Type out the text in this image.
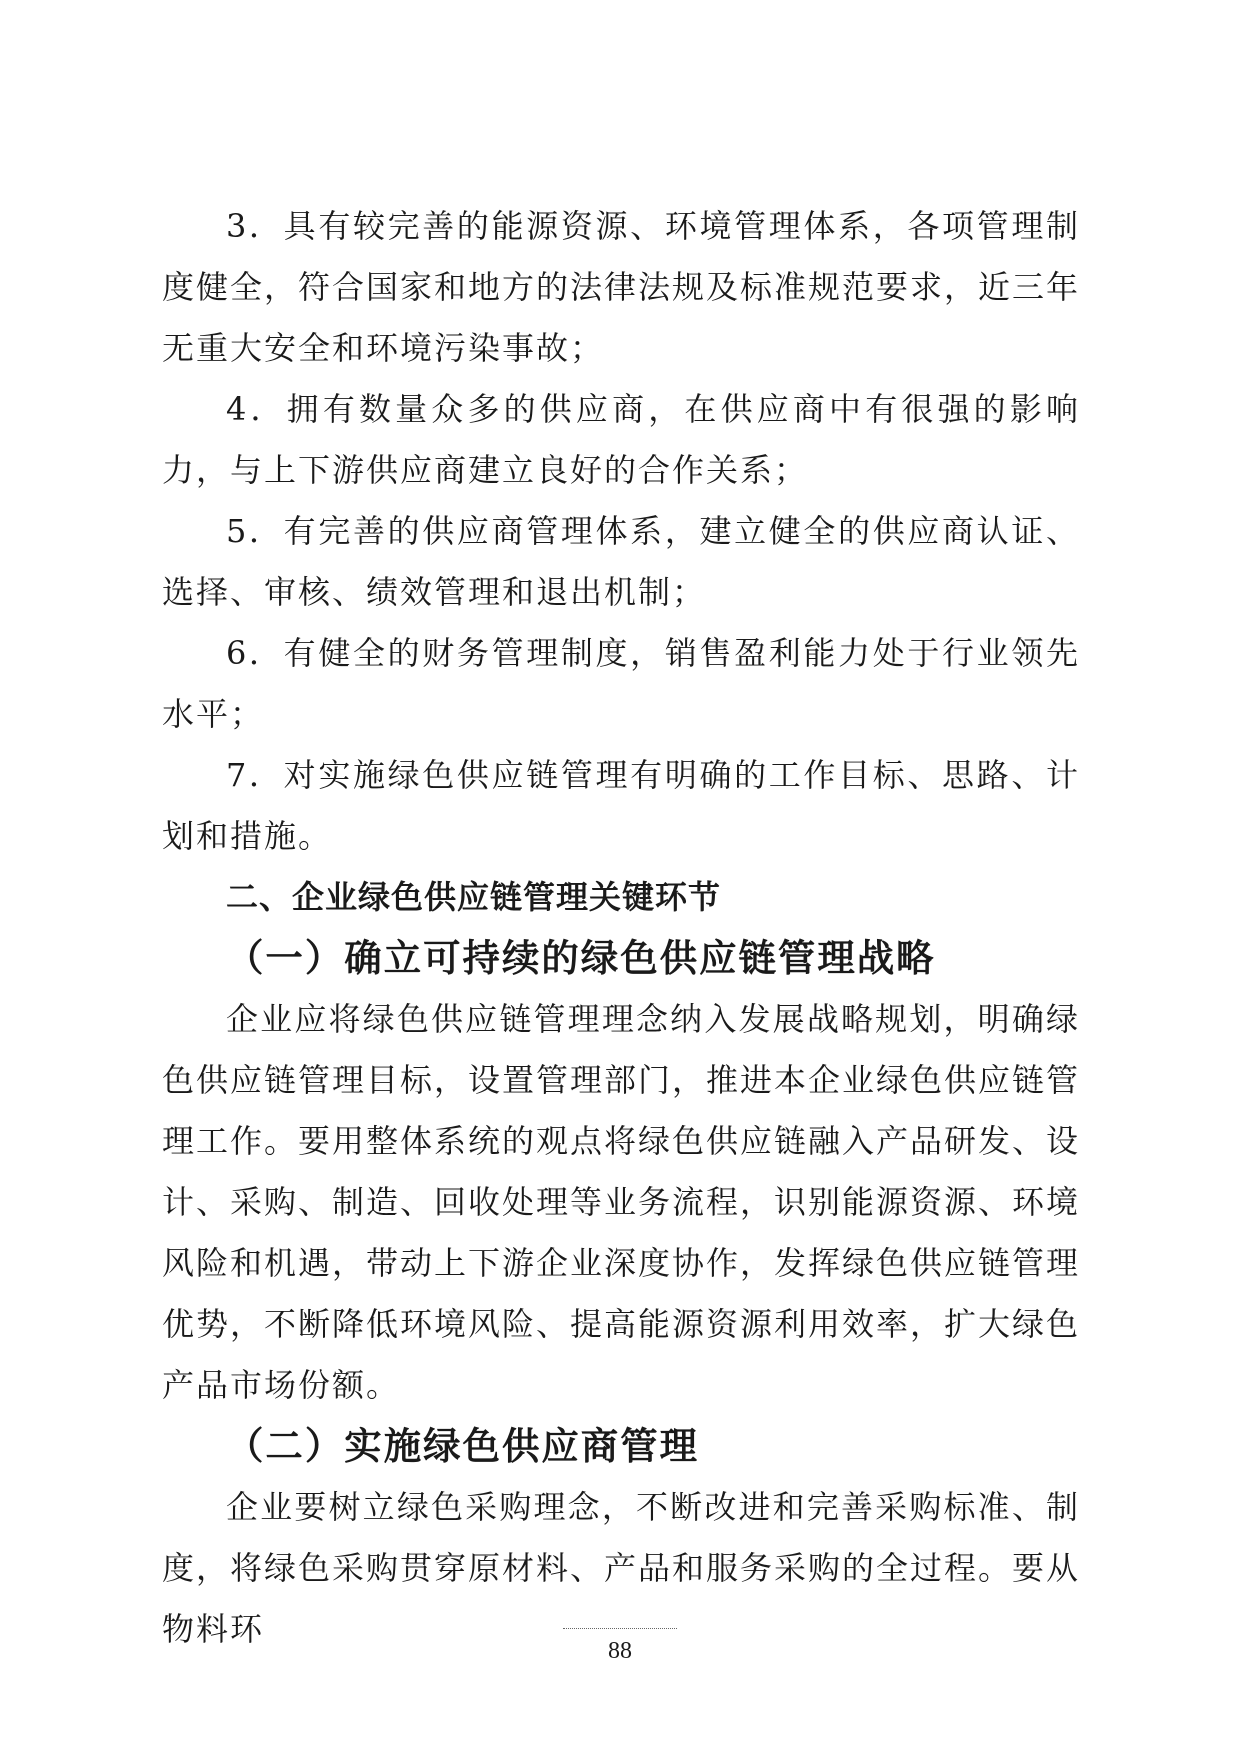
3．具有较完善的能源资源、环境管理体系，各项管理制度健全，符合国家和地方的法律法规及标准规范要求，近三年无重大安全和环境污染事故；

4．拥有数量众多的供应商，在供应商中有很强的影响力，与上下游供应商建立良好的合作关系；

5．有完善的供应商管理体系，建立健全的供应商认证、选择、审核、绩效管理和退出机制；

6．有健全的财务管理制度，销售盈利能力处于行业领先水平；

7．对实施绿色供应链管理有明确的工作目标、思路、计划和措施。

二、企业绿色供应链管理关键环节
（一）确立可持续的绿色供应链管理战略

企业应将绿色供应链管理理念纳入发展战略规划，明确绿色供应链管理目标，设置管理部门，推进本企业绿色供应链管理工作。要用整体系统的观点将绿色供应链融入产品研发、设计、采购、制造、回收处理等业务流程，识别能源资源、环境风险和机遇，带动上下游企业深度协作，发挥绿色供应链管理优势，不断降低环境风险、提高能源资源利用效率，扩大绿色产品市场份额。

（二）实施绿色供应商管理

企业要树立绿色采购理念，不断改进和完善采购标准、制度，将绿色采购贯穿原材料、产品和服务采购的全过程。要从物料环

88
